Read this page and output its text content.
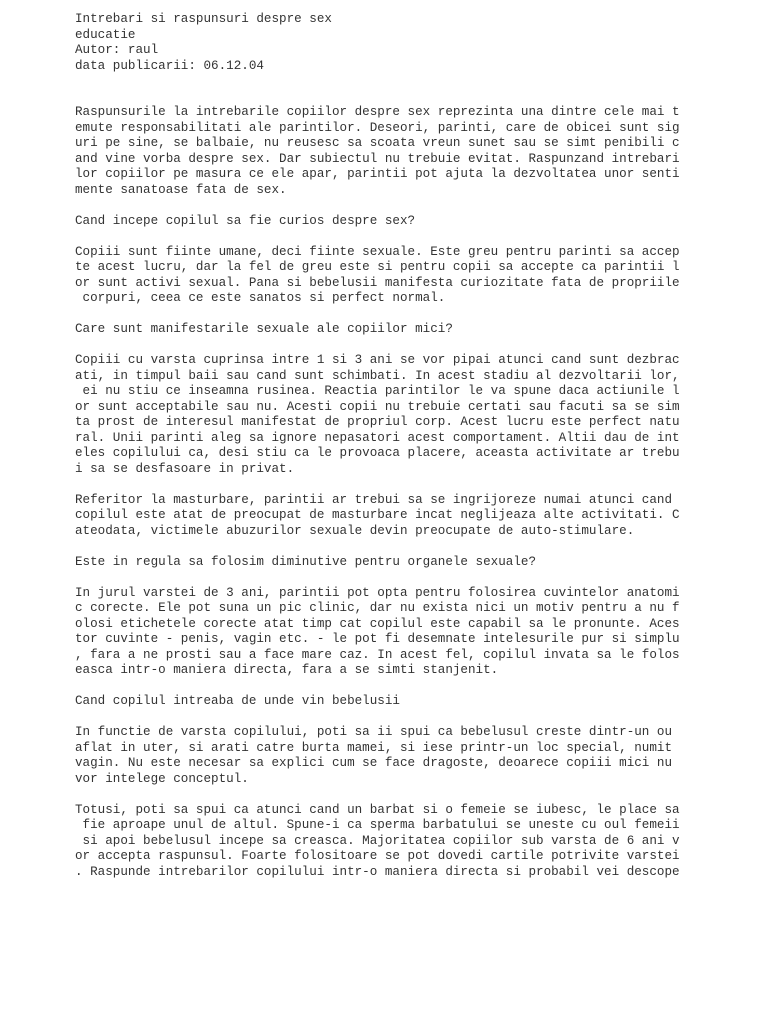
Intrebari si raspunsuri despre sex
educatie
Autor: raul
data publicarii: 06.12.04
Raspunsurile la intrebarile copiilor despre sex reprezinta una dintre cele mai t
emute responsabilitati ale parintilor. Deseori, parinti, care de obicei sunt sig
uri pe sine, se balbaie, nu reusesc sa scoata vreun sunet sau se simt penibili c
and vine vorba despre sex. Dar subiectul nu trebuie evitat. Raspunzand intrebari
lor copiilor pe masura ce ele apar, parintii pot ajuta la dezvoltatea unor senti
mente sanatoase fata de sex.
Cand incepe copilul sa fie curios despre sex?
Copiii sunt fiinte umane, deci fiinte sexuale. Este greu pentru parinti sa accep
te acest lucru, dar la fel de greu este si pentru copii sa accepte ca parintii l
or sunt activi sexual. Pana si bebelusii manifesta curiozitate fata de propriile
corpuri, ceea ce este sanatos si perfect normal.
Care sunt manifestarile sexuale ale copiilor mici?
Copiii cu varsta cuprinsa intre 1 si 3 ani se vor pipai atunci cand sunt dezbrac
ati, in timpul baii sau cand sunt schimbati. In acest stadiu al dezvoltarii lor,
ei nu stiu ce inseamna rusinea. Reactia parintilor le va spune daca actiunile l
or sunt acceptabile sau nu. Acesti copii nu trebuie certati sau facuti sa se sim
ta prost de interesul manifestat de propriul corp. Acest lucru este perfect natu
ral. Unii parinti aleg sa ignore nepasatori acest comportament. Altii dau de int
eles copilului ca, desi stiu ca le provoaca placere, aceasta activitate ar trebu
i sa se desfasoare in privat.
Referitor la masturbare, parintii ar trebui sa se ingrijoreze numai atunci cand
copilul este atat de preocupat de masturbare incat neglijeaza alte activitati. C
ateodata, victimele abuzurilor sexuale devin preocupate de auto-stimulare.
Este in regula sa folosim diminutive pentru organele sexuale?
In jurul varstei de 3 ani, parintii pot opta pentru folosirea cuvintelor anatomi
c corecte. Ele pot suna un pic clinic, dar nu exista nici un motiv pentru a nu f
olosi etichetele corecte atat timp cat copilul este capabil sa le pronunte. Aces
tor cuvinte - penis, vagin etc. - le pot fi desemnate intelesurile pur si simplu
, fara a ne prosti sau a face mare caz. In acest fel, copilul invata sa le folos
easca intr-o maniera directa, fara a se simti stanjenit.
Cand copilul intreaba de unde vin bebelusii
In functie de varsta copilului, poti sa ii spui ca bebelusul creste dintr-un ou
aflat in uter, si arati catre burta mamei, si iese printr-un loc special, numit
vagin. Nu este necesar sa explici cum se face dragoste, deoarece copiii mici nu
vor intelege conceptul.
Totusi, poti sa spui ca atunci cand un barbat si o femeie se iubesc, le place sa
fie aproape unul de altul. Spune-i ca sperma barbatului se uneste cu oul femeii
si apoi bebelusul incepe sa creasca. Majoritatea copiilor sub varsta de 6 ani v
or accepta raspunsul. Foarte folositoare se pot dovedi cartile potrivite varstei
. Raspunde intrebarilor copilului intr-o maniera directa si probabil vei descope
